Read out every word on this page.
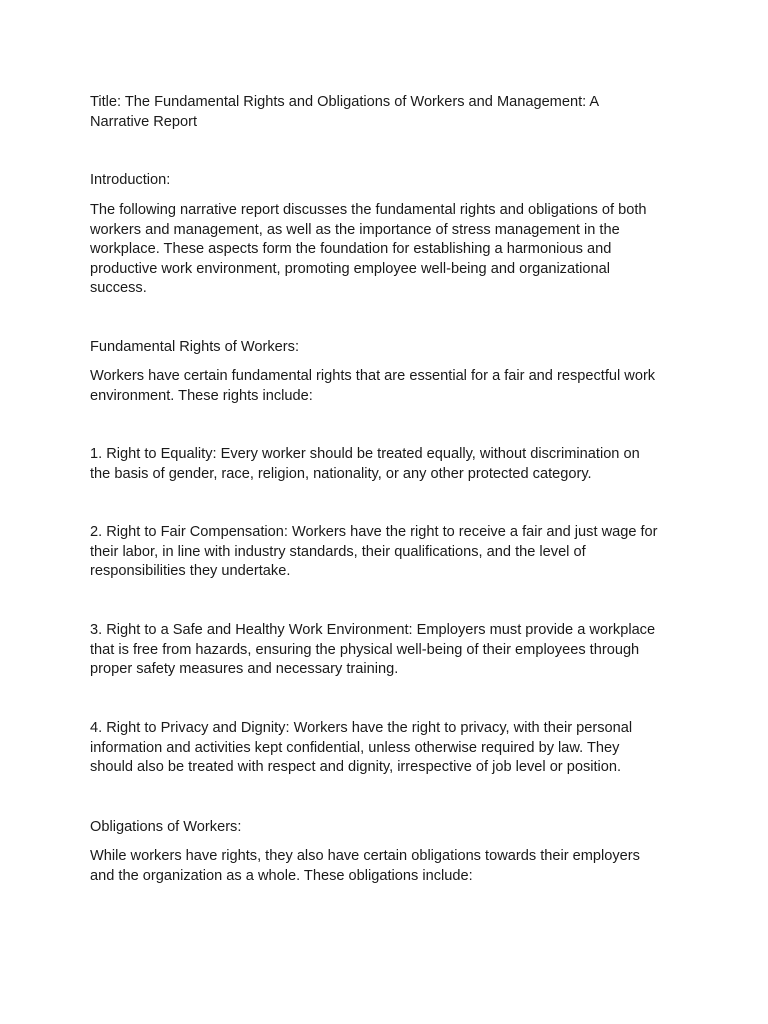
Title: The Fundamental Rights and Obligations of Workers and Management: A
Narrative Report

Introduction:

The following narrative report discusses the fundamental rights and obligations of both
workers and management, as well as the importance of stress management in the
workplace. These aspects form the foundation for establishing a harmonious and
productive work environment, promoting employee well-being and organizational
success.

Fundamental Rights of Workers:

Workers have certain fundamental rights that are essential for a fair and respectful work
environment. These rights include:

1. Right to Equality: Every worker should be treated equally, without discrimination on
the basis of gender, race, religion, nationality, or any other protected category.

2. Right to Fair Compensation: Workers have the right to receive a fair and just wage for
their labor, in line with industry standards, their qualifications, and the level of
responsibilities they undertake.

3. Right to a Safe and Healthy Work Environment: Employers must provide a workplace
that is free from hazards, ensuring the physical well-being of their employees through
proper safety measures and necessary training.

4. Right to Privacy and Dignity: Workers have the right to privacy, with their personal
information and activities kept confidential, unless otherwise required by law. They
should also be treated with respect and dignity, irrespective of job level or position.

Obligations of Workers:

While workers have rights, they also have certain obligations towards their employers
and the organization as a whole. These obligations include:
